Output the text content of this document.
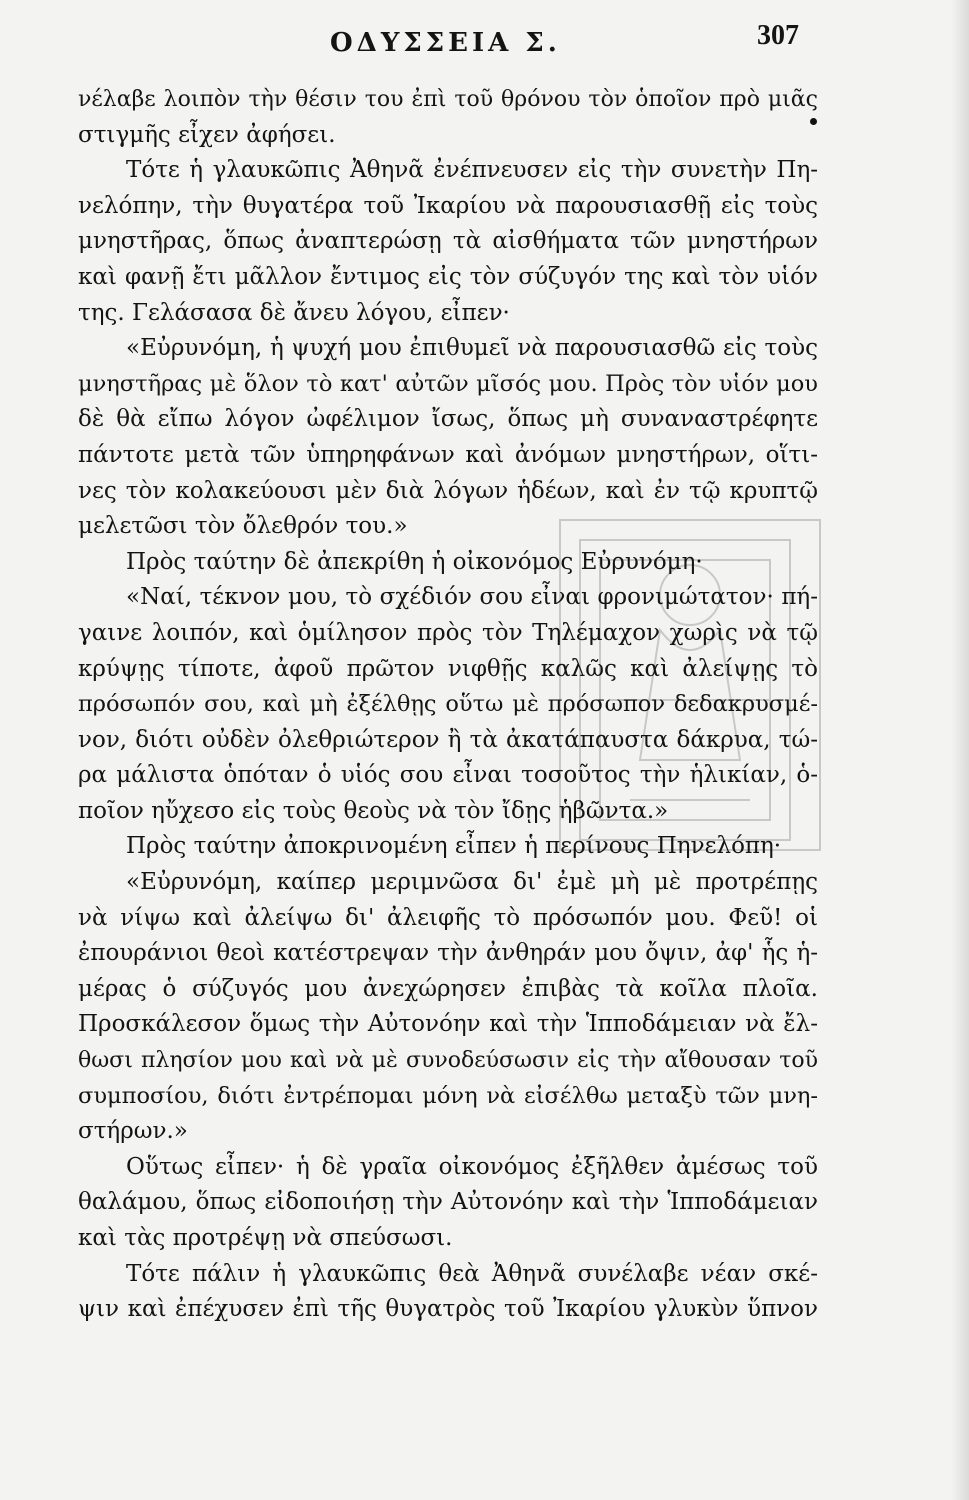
ΟΔΥΣΣΕΙΑ Σ.	307
νέλαβε λοιπὸν τὴν θέσιν του ἐπὶ τοῦ θρόνου τὸν ὁποῖον πρὸ μιᾶς
στιγμῆς εἶχεν ἀφήσει.
Τότε ἡ γλαυκῶπις Ἀθηνᾶ ἐνέπνευσεν εἰς τὴν συνετὴν Πη-
νελόπην, τὴν θυγατέρα τοῦ Ἰκαρίου νὰ παρουσιασθῇ εἰς τοὺς
μνηστῆρας, ὅπως ἀναπτερώσῃ τὰ αἰσθήματα τῶν μνηστήρων
καὶ φανῇ ἔτι μᾶλλον ἔντιμος εἰς τὸν σύζυγόν της καὶ τὸν υἱόν
της. Γελάσασα δὲ ἄνευ λόγου, εἶπεν·
«Εὐρυνόμη, ἡ ψυχή μου ἐπιθυμεῖ νὰ παρουσιασθῶ εἰς τοὺς
μνηστῆρας μὲ ὅλον τὸ κατ' αὐτῶν μῖσός μου. Πρὸς τὸν υἱόν μου
δὲ θὰ εἴπω λόγον ὠφέλιμον ἴσως, ὅπως μὴ συναναστρέφητε
πάντοτε μετὰ τῶν ὑπηρηφάνων καὶ ἀνόμων μνηστήρων, οἵτι-
νες τὸν κολακεύουσι μὲν διὰ λόγων ἡδέων, καὶ ἐν τῷ κρυπτῷ
μελετῶσι τὸν ὄλεθρόν του.»
Πρὸς ταύτην δὲ ἀπεκρίθη ἡ οἰκονόμος Εὐρυνόμη·
«Ναί, τέκνον μου, τὸ σχέδιόν σου εἶναι φρονιμώτατον· πή-
γαινε λοιπόν, καὶ ὁμίλησον πρὸς τὸν Τηλέμαχον χωρὶς νὰ τῷ
κρύψῃς τίποτε, ἀφοῦ πρῶτον νιφθῇς καλῶς καὶ ἀλείψῃς τὸ
πρόσωπόν σου, καὶ μὴ ἐξέλθῃς οὕτω μὲ πρόσωπον δεδακρυσμέ-
νον, διότι οὐδὲν ὀλεθριώτερον ἢ τὰ ἀκατάπαυστα δάκρυα, τώ-
ρα μάλιστα ὁπόταν ὁ υἱός σου εἶναι τοσοῦτος τὴν ἡλικίαν, ὁ-
ποῖον ηὔχεσο εἰς τοὺς θεοὺς νὰ τὸν ἴδῃς ἡβῶντα.»
Πρὸς ταύτην ἀποκρινομένη εἶπεν ἡ περίνους Πηνελόπη·
«Εὐρυνόμη, καίπερ μεριμνῶσα δι' ἐμὲ μὴ μὲ προτρέπῃς
νὰ νίψω καὶ ἀλείψω δι' ἀλειφῆς τὸ πρόσωπόν μου. Φεῦ! οἱ
ἐπουράνιοι θεοὶ κατέστρεψαν τὴν ἀνθηράν μου ὄψιν, ἀφ' ἧς ἡ-
μέρας ὁ σύζυγός μου ἀνεχώρησεν ἐπιβὰς τὰ κοῖλα πλοῖα.
Προσκάλεσον ὅμως τὴν Αὐτονόην καὶ τὴν Ἱπποδάμειαν νὰ ἔλ-
θωσι πλησίον μου καὶ νὰ μὲ συνοδεύσωσιν εἰς τὴν αἴθουσαν τοῦ
συμποσίου, διότι ἐντρέπομαι μόνη νὰ εἰσέλθω μεταξὺ τῶν μνη-
στήρων.»
Οὕτως εἶπεν· ἡ δὲ γραῖα οἰκονόμος ἐξῆλθεν ἀμέσως τοῦ
θαλάμου, ὅπως εἰδοποιήσῃ τὴν Αὐτονόην καὶ τὴν Ἱπποδάμειαν
καὶ τὰς προτρέψῃ νὰ σπεύσωσι.
Τότε πάλιν ἡ γλαυκῶπις θεὰ Ἀθηνᾶ συνέλαβε νέαν σκέ-
ψιν καὶ ἐπέχυσεν ἐπὶ τῆς θυγατρὸς τοῦ Ἰκαρίου γλυκὺν ὕπνον
